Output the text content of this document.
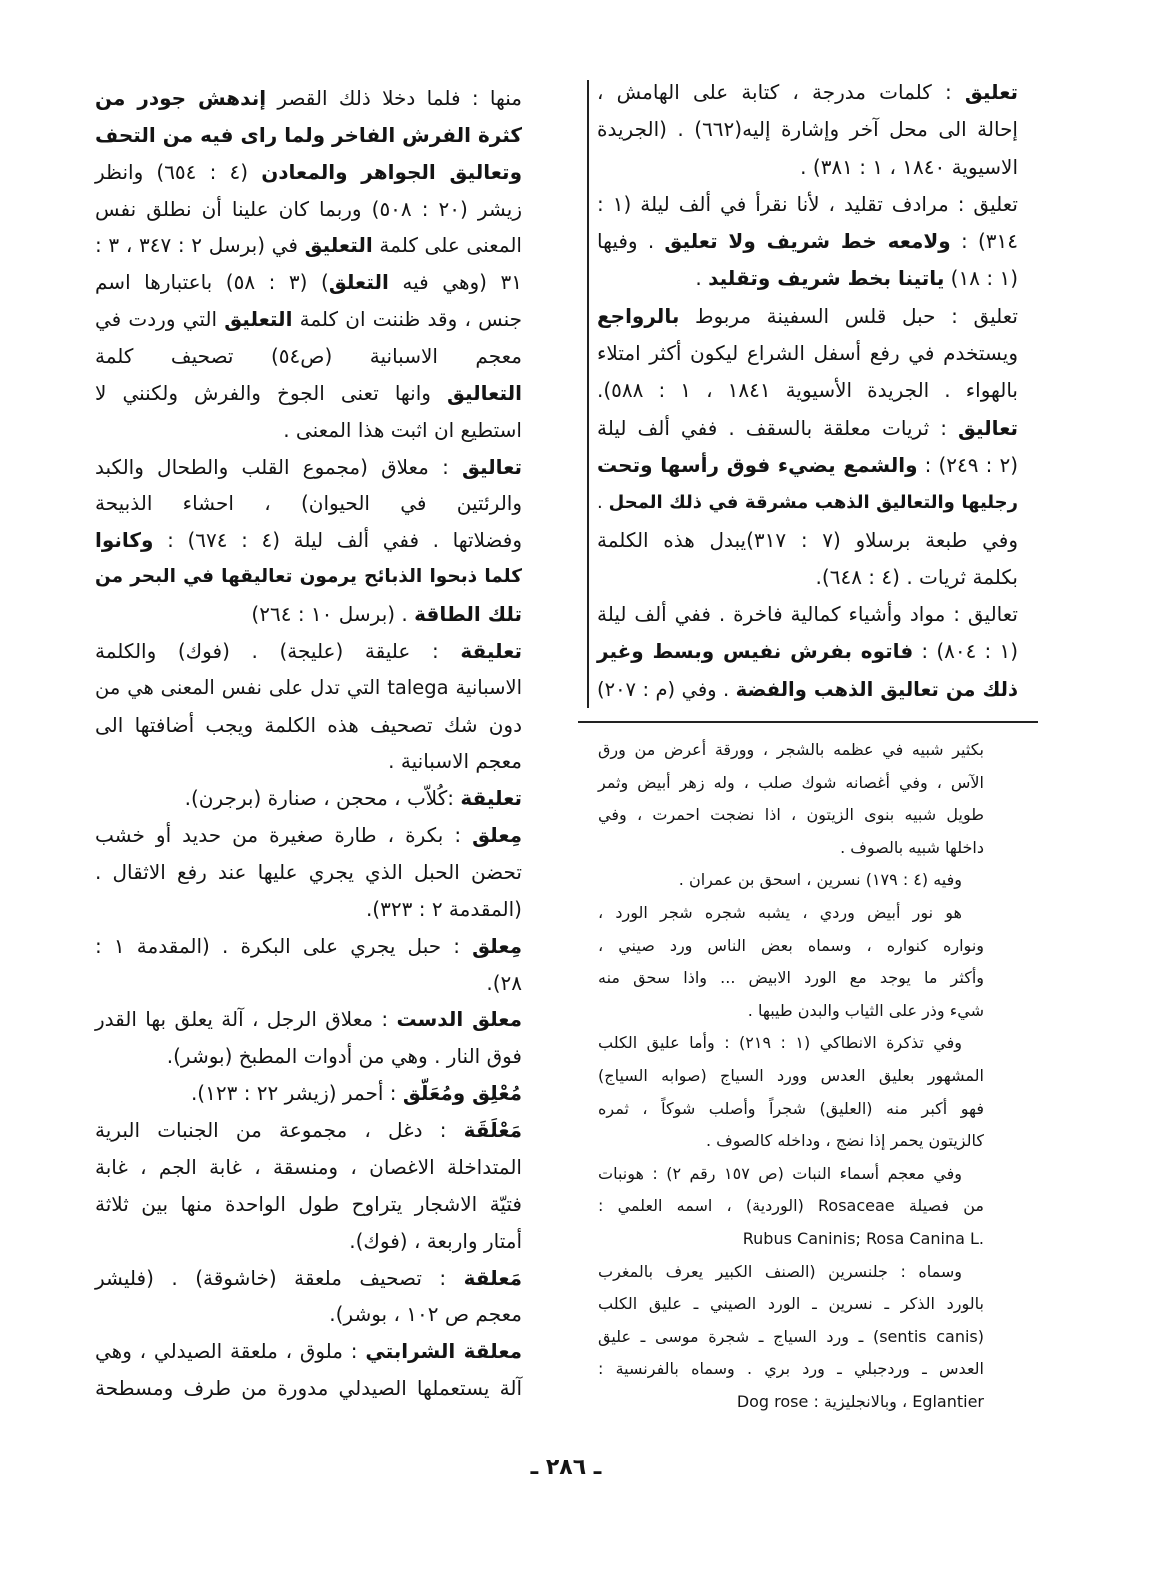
تعليق : كلمات مدرجة ، كتابة على الهامش ،
إحالة الى محل آخر وإشارة إليه(٦٦٢) . (الجريدة
الاسيوية ١٨٤٠ ، ١ : ٣٨١) .
تعليق : مرادف تقليد ، لأنا نقرأ في ألف ليلة (١ :
٣١٤) : ولامعه خط شريف ولا تعليق . وفيها
(١ : ١٨) ياتينا بخط شريف وتقليد .
تعليق : حبل قلس السفينة مربوط بالرواجع
ويستخدم في رفع أسفل الشراع ليكون أكثر امتلاء
بالهواء . الجريدة الأسيوية ١٨٤١ ، ١ : ٥٨٨).
تعاليق : ثريات معلقة بالسقف . ففي ألف ليلة
(٢ : ٢٤٩) : والشمع يضيء فوق رأسها وتحت
رجليها والتعاليق الذهب مشرقة في ذلك المحل .
وفي طبعة برسلاو (٧ : ٣١٧)يبدل هذه الكلمة
بكلمة ثريات . (٤ : ٦٤٨).
تعاليق : مواد وأشياء كمالية فاخرة . ففي ألف ليلة
(١ : ٨٠٤) : فاتوه بفرش نفيس وبسط وغير
ذلك من تعاليق الذهب والفضة . وفي (م : ٢٠٧)
بكثير شبيه في عظمه بالشجر ، وورقة أعرض من ورق
الآس ، وفي أغصانه شوك صلب ، وله زهر أبيض وثمر
طويل شبيه بنوى الزيتون ، اذا نضجت احمرت ، وفي
داخلها شبيه بالصوف .
وفيه (٤ : ١٧٩) نسرين ، اسحق بن عمران .
هو نور أبيض وردي ، يشبه شجره شجر الورد ،
ونواره كنواره ، وسماه بعض الناس ورد صيني ،
وأكثر ما يوجد مع الورد الابيض ... واذا سحق منه
شيء وذر على الثياب والبدن طيبها .
وفي تذكرة الانطاكي (١ : ٢١٩) : وأما عليق الكلب
المشهور بعليق العدس وورد السياج (صوابه السياج)
فهو أكبر منه (العليق) شجراً وأصلب شوكاً ، ثمره
كالزيتون يحمر إذا نضج ، وداخله كالصوف .
وفي معجم أسماء النبات (ص ١٥٧ رقم ٢) : هونبات
من فصيلة Rosaceae (الوردية) ، اسمه العلمي :
Rubus Caninis; Rosa Canina L.
وسماه : جلنسرين (الصنف الكبير يعرف بالمغرب
بالورد الذكر ـ نسرين ـ الورد الصيني ـ عليق الكلب
(sentis canis) ـ ورد السياج ـ شجرة موسى ـ عليق
العدس ـ وردجبلي ـ ورد بري . وسماه بالفرنسية :
Eglantier ، وبالانجليزية : Dog rose
منها : فلما دخلا ذلك القصر إندهش جودر من
كثرة الفرش الفاخر ولما راى فيه من التحف
وتعاليق الجواهر والمعادن (٤ : ٦٥٤) وانظر
زيشر (٢٠ : ٥٠٨) وربما كان علينا أن نطلق نفس
المعنى على كلمة التعليق في (برسل ٢ : ٣٤٧ ، ٣ :
٣١ (وهي فيه التعلق) (٣ : ٥٨) باعتبارها اسم
جنس ، وقد ظننت ان كلمة التعليق التي وردت في
معجم الاسبانية (ص٥٤) تصحيف كلمة
التعاليق وانها تعنى الجوخ والفرش ولكنني لا
استطيع ان اثبت هذا المعنى .
تعاليق : معلاق (مجموع القلب والطحال والكبد
والرئتين في الحيوان) ، احشاء الذبيحة
وفضلاتها . ففي ألف ليلة (٤ : ٦٧٤) : وكانوا
كلما ذبحوا الذبائح يرمون تعاليقها في البحر من
تلك الطاقة . (برسل ١٠ : ٢٦٤)
تعليقة : عليقة (عليجة) . (فوك) والكلمة
الاسبانية talega التي تدل على نفس المعنى هي من
دون شك تصحيف هذه الكلمة ويجب أضافتها الى
معجم الاسبانية .
تعليقة :كُلاّب ، محجن ، صنارة (برجرن).
مِعلق : بكرة ، طارة صغيرة من حديد أو خشب
تحضن الحبل الذي يجري عليها عند رفع الاثقال .
(المقدمة ٢ : ٣٢٣).
مِعلق : حبل يجري على البكرة . (المقدمة ١ :
٢٨).
معلق الدست : معلاق الرجل ، آلة يعلق بها القدر
فوق النار . وهي من أدوات المطبخ (بوشر).
مُعْلِق ومُعَلّق : أحمر (زيشر ٢٢ : ١٢٣).
مَعْلَقَة : دغل ، مجموعة من الجنبات البرية
المتداخلة الاغصان ، ومنسقة ، غابة الجم ، غابة
فتيّة الاشجار يتراوح طول الواحدة منها بين ثلاثة
أمتار واربعة ، (فوك).
مَعلقة : تصحيف ملعقة (خاشوقة) . (فليشر
معجم ص ١٠٢ ، بوشر).
معلقة الشرابتي : ملوق ، ملعقة الصيدلي ، وهي
آلة يستعملها الصيدلي مدورة من طرف ومسطحة
ـ ٢٨٦ ـ
